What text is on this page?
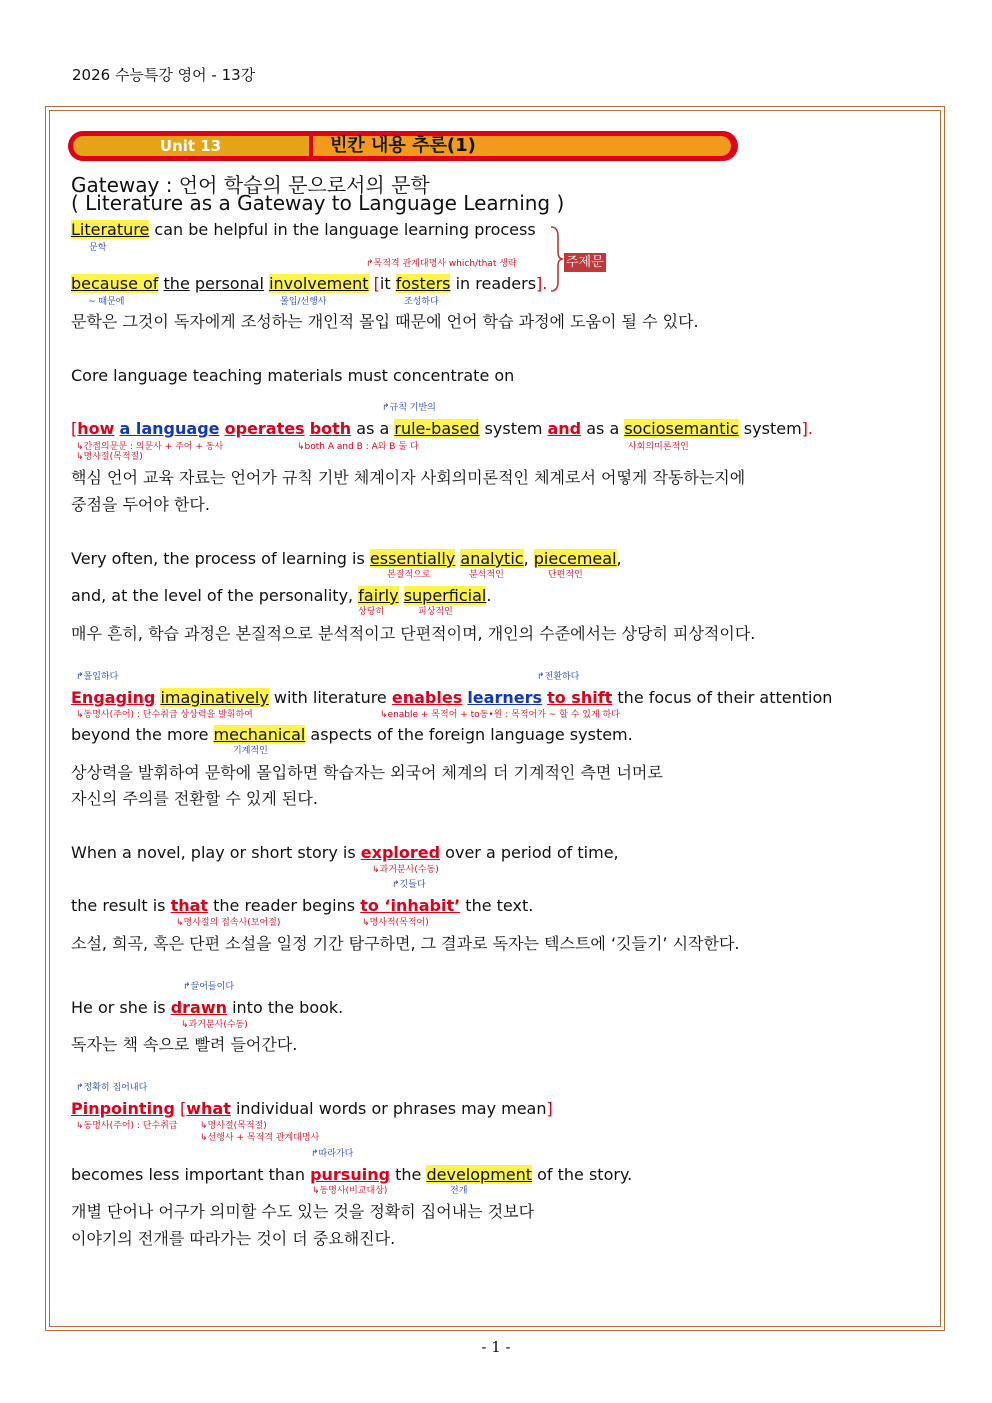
2026 수능특강 영어 - 13강
Unit 13	빈칸 내용 추론(1)
Gateway : 언어 학습의 문으로서의 문학
( Literature as a Gateway to Language Learning )
Literature can be helpful in the language learning process
문학
↱목적격 관계대명사 which/that 생략
because of the personal involvement [it fosters in readers].
~ 때문에	몰입/선행사	조성하다
주제문
문학은 그것이 독자에게 조성하는 개인적 몰입 때문에 언어 학습 과정에 도움이 될 수 있다.
Core language teaching materials must concentrate on
↱규칙 기반의
[how a language operates both as a rule-based system and as a sociosemantic system].
↳간접의문문 : 의문사 + 주어 + 동사
↳명사절(목적절)
↳both A and B : A와 B 둘 다	사회의미론적인
핵심 언어 교육 자료는 언어가 규칙 기반 체계이자 사회의미론적인 체계로서 어떻게 작동하는지에
중점을 두어야 한다.
Very often, the process of learning is essentially analytic, piecemeal,
본질적으로	분석적인	단편적인
and, at the level of the personality, fairly superficial.
상당히	피상적인
매우 흔히, 학습 과정은 본질적으로 분석적이고 단편적이며, 개인의 수준에서는 상당히 피상적이다.
↱몰입하다	↱전환하다
Engaging imaginatively with literature enables learners to shift the focus of their attention
↳동명사(주어) : 단수취급 상상력을 발휘하여	↳enable + 목적어 + to동•원 : 목적어가 ~ 할 수 있게 하다
beyond the more mechanical aspects of the foreign language system.
기계적인
상상력을 발휘하여 문학에 몰입하면 학습자는 외국어 체계의 더 기계적인 측면 너머로
자신의 주의를 전환할 수 있게 된다.
When a novel, play or short story is explored over a period of time,
↳과거분사(수동)
↱깃들다
the result is that the reader begins to ‘inhabit’ the text.
↳명사절의 접속사(보어절)	↳명사적(목적어)
소설, 희곡, 혹은 단편 소설을 일정 기간 탐구하면, 그 결과로 독자는 텍스트에 ‘깃들기’ 시작한다.
↱끌어들이다
He or she is drawn into the book.
↳과거분사(수동)
독자는 책 속으로 빨려 들어간다.
↱정확히 집어내다
Pinpointing [what individual words or phrases may mean]
↳동명사(주어) : 단수취급 ↳명사절(목적절)
↳선행사 + 목적격 관계대명사
↱따라가다
becomes less important than pursuing the development of the story.
↳동명사(비교대상)	전개
개별 단어나 어구가 의미할 수도 있는 것을 정확히 집어내는 것보다
이야기의 전개를 따라가는 것이 더 중요해진다.
- 1 -
